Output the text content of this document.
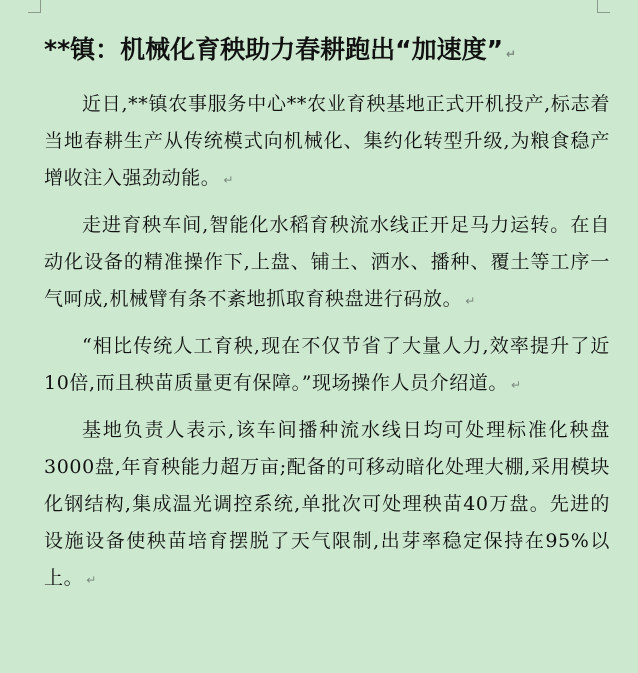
**镇：机械化育秧助力春耕跑出“加速度” ↵

近日,**镇农事服务中心**农业育秧基地正式开机投产,标志着当地春耕生产从传统模式向机械化、集约化转型升级,为粮食稳产增收注入强劲动能。 ↵

走进育秧车间,智能化水稻育秧流水线正开足马力运转。在自动化设备的精准操作下,上盘、铺土、洒水、播种、覆土等工序一气呵成,机械臂有条不紊地抓取育秧盘进行码放。 ↵

“相比传统人工育秧,现在不仅节省了大量人力,效率提升了近10倍,而且秧苗质量更有保障。”现场操作人员介绍道。 ↵

基地负责人表示,该车间播种流水线日均可处理标准化秧盘3000盘,年育秧能力超万亩;配备的可移动暗化处理大棚,采用模块化钢结构,集成温光调控系统,单批次可处理秧苗40万盘。先进的设施设备使秧苗培育摆脱了天气限制,出芽率稳定保持在95%以上。 ↵
